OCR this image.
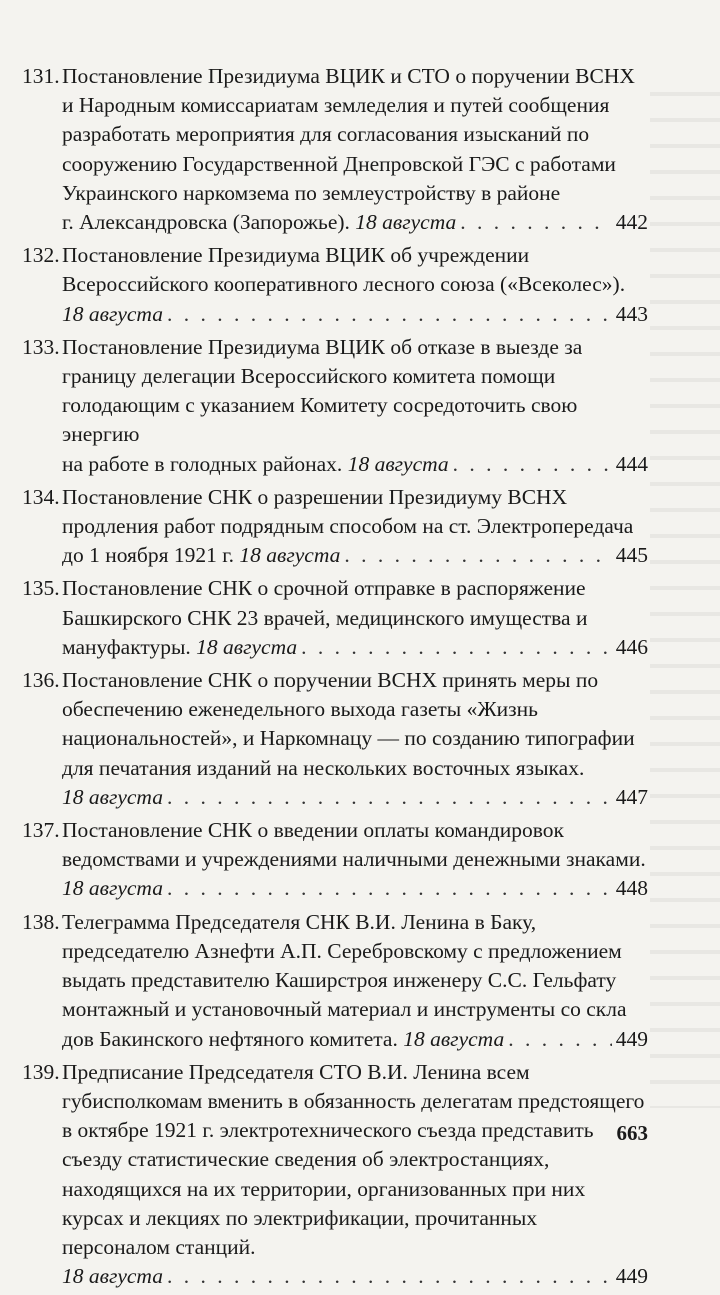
131. Постановление Президиума ВЦИК и СТО о поручении ВСНХ и Народным комиссариатам земледелия и путей сообщения разработать мероприятия для согласования изысканий по сооружению Государственной Днепровской ГЭС с работами Украинского наркомзема по землеустройству в районе
г. Александровска (Запорожье). 18 августа . . .	442
132. Постановление Президиума ВЦИК об учреждении Всероссийского кооперативного лесного союза («Всеколес»).
18 августа . . .	443
133. Постановление Президиума ВЦИК об отказе в выезде за границу делегации Всероссийского комитета помощи голодающим с указанием Комитету сосредоточить свою энергию
на работе в голодных районах. 18 августа . . .	444
134. Постановление СНК о разрешении Президиуму ВСНХ продления работ подрядным способом на ст. Электропередача
до 1 ноября 1921 г. 18 августа . . .	445
135. Постановление СНК о срочной отправке в распоряжение Башкирского СНК 23 врачей, медицинского имущества и
мануфактуры. 18 августа . . .	446
136. Постановление СНК о поручении ВСНХ принять меры по обеспечению еженедельного выхода газеты «Жизнь национальностей», и Наркомнацу — по созданию типографии для печатания изданий на нескольких восточных языках.
18 августа . . .	447
137. Постановление СНК о введении оплаты командировок ведомствами и учреждениями наличными денежными знаками.
18 августа . . .	448
138. Телеграмма Председателя СНК В.И. Ленина в Баку, председателю Азнефти А.П. Серебровскому с предложением выдать представителю Каширстроя инженеру С.С. Гельфату монтажный и установочный материал и инструменты со скла
дов Бакинского нефтяного комитета. 18 августа . . .	449
139. Предписание Председателя СТО В.И. Ленина всем губисполкомам вменить в обязанность делегатам предстоящего в октябре 1921 г. электротехнического съезда представить съезду статистические сведения об электростанциях, находящихся на их территории, организованных при них курсах и лекциях по электрификации, прочитанных персоналом станций.
18 августа . . .	449
663
